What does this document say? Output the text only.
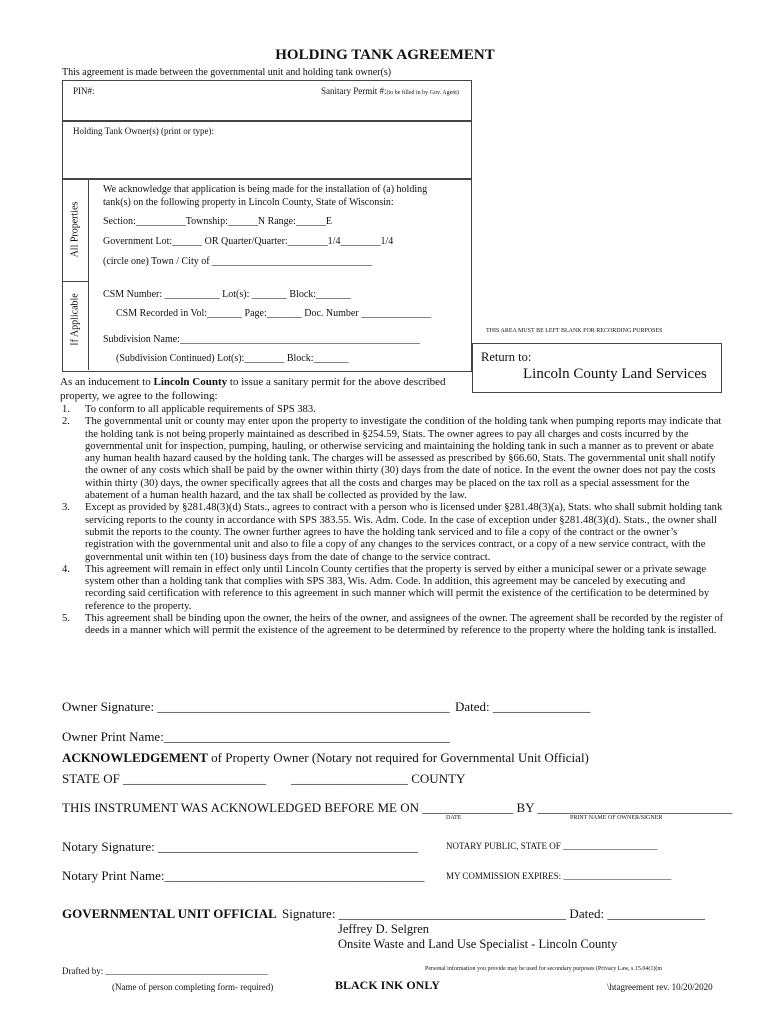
HOLDING TANK AGREEMENT
This agreement is made between the governmental unit and holding tank owner(s)
PIN#:	Sanitary Permit #:(to be filled in by Gov. Agent)
Holding Tank Owner(s) (print or type):
All Properties
If Applicable
We acknowledge that application is being made for the installation of (a) holding
tank(s) on the following property in Lincoln County, State of Wisconsin:
Section:__________Township:______N Range:______E
Government Lot:______ OR Quarter/Quarter:________1/4________1/4
(circle one) Town / City of ________________________________
CSM Number: ___________ Lot(s): _______ Block:_______
CSM Recorded in Vol:_______ Page:_______ Doc. Number ______________
Subdivision Name:________________________________________________
(Subdivision Continued) Lot(s):________ Block:_______
THIS AREA MUST BE LEFT BLANK FOR RECORDING PURPOSES
Return to:
Lincoln County Land Services
As an inducement to Lincoln County to issue a sanitary permit for the above described
property, we agree to the following:
1. To conform to all applicable requirements of SPS 383.

2. The governmental unit or county may enter upon the property to investigate the condition of the holding tank when pumping reports may indicate that the holding tank is not being properly maintained as described in §254.59, Stats. The owner agrees to pay all charges and costs incurred by the governmental unit for inspection, pumping, hauling, or otherwise servicing and maintaining the holding tank in such a manner as to prevent or abate any human health hazard caused by the holding tank. The charges will be assessed as prescribed by §66.60, Stats. The governmental unit shall notify the owner of any costs which shall be paid by the owner within thirty (30) days from the date of notice. In the event the owner does not pay the costs within thirty (30) days, the owner specifically agrees that all the costs and charges may be placed on the tax roll as a special assessment for the abatement of a human health hazard, and the tax shall be collected as provided by the law.

3. Except as provided by §281.48(3)(d) Stats., agrees to contract with a person who is licensed under §281.48(3)(a), Stats. who shall submit holding tank servicing reports to the county in accordance with SPS 383.55. Wis. Adm. Code. In the case of exception under §281.48(3)(d). Stats., the owner shall submit the reports to the county. The owner further agrees to have the holding tank serviced and to file a copy of the contract or the owner’s registration with the governmental unit and also to file a copy of any changes to the services contract, or a copy of a new service contract, with the governmental unit within ten (10) business days from the date of change to the service contract.

4. This agreement will remain in effect only until Lincoln County certifies that the property is served by either a municipal sewer or a private sewage system other than a holding tank that complies with SPS 383, Wis. Adm. Code. In addition, this agreement may be canceled by executing and recording said certification with reference to this agreement in such manner which will permit the existence of the certification to be determined by reference to the property.

5. This agreement shall be binding upon the owner, the heirs of the owner, and assignees of the owner. The agreement shall be recorded by the register of deeds in a manner which will permit the existence of the agreement to be determined by reference to the property where the holding tank is installed.

Owner Signature: _____________________________________________ Dated: _______________
Owner Print Name:____________________________________________
ACKNOWLEDGEMENT of Property Owner (Notary not required for Governmental Unit Official)
STATE OF ______________________ __________________ COUNTY
THIS INSTRUMENT WAS ACKNOWLEDGED BEFORE ME ON ______________ BY ______________________________
DATE	PRINT NAME OF OWNER/SIGNER
Notary Signature: ________________________________________	NOTARY PUBLIC, STATE OF _____________________
Notary Print Name:________________________________________ MY COMMISSION EXPIRES: ________________________
GOVERNMENTAL UNIT OFFICIAL Signature: ___________________________________ Dated: _______________
Jeffrey D. Selgren
Onsite Waste and Land Use Specialist - Lincoln County
Drafted by: ____________________________________	Personal information you provide may be used for secondary purposes (Privacy Law, s.15.04(1)(m
(Name of person completing form- required)	BLACK INK ONLY	\htagreement rev. 10/20/2020
